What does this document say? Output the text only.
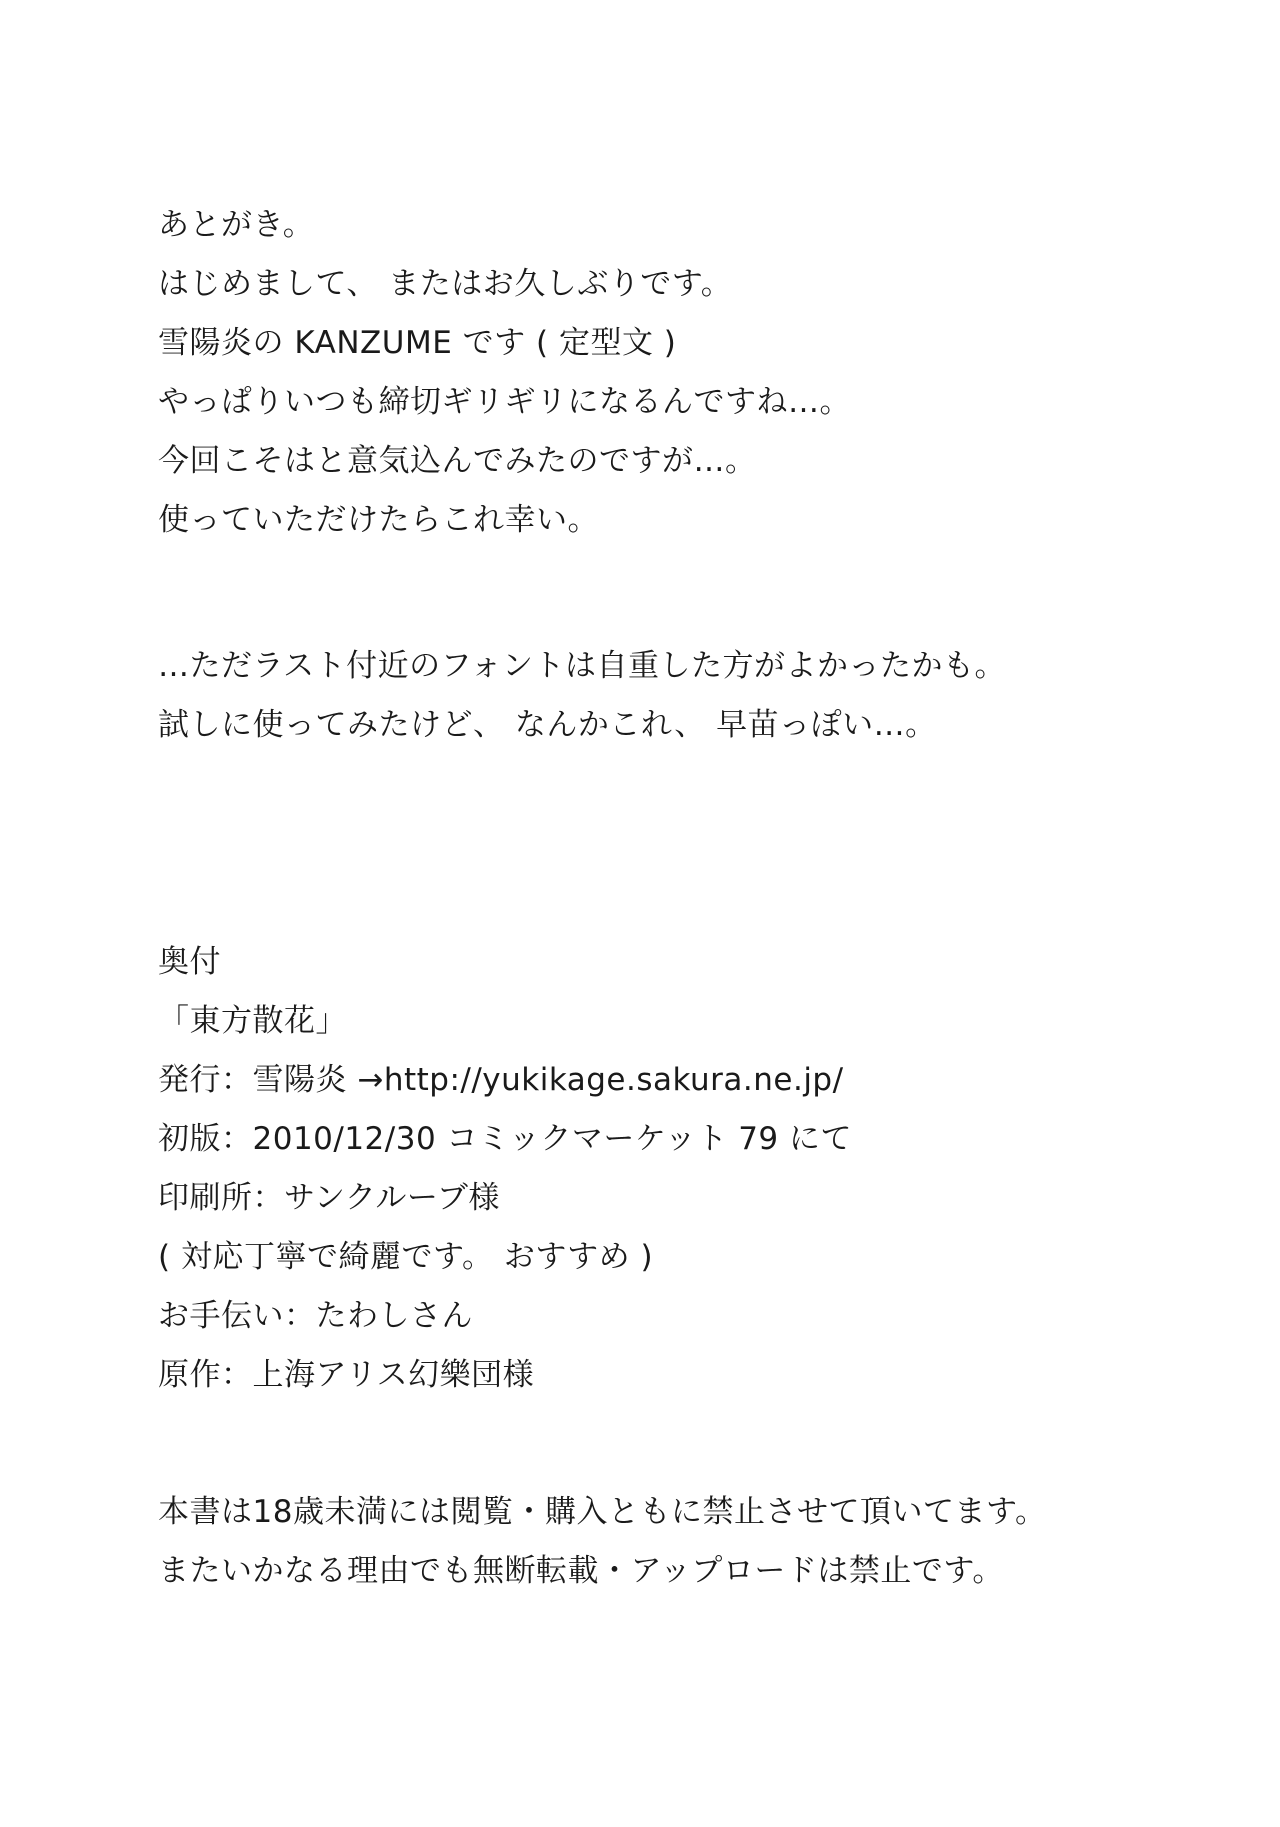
あとがき。
はじめまして、 またはお久しぶりです。
雪陽炎の KANZUME です ( 定型文 )
やっぱりいつも締切ギリギリになるんですね…。
今回こそはと意気込んでみたのですが…。
使っていただけたらこれ幸い。
…ただラスト付近のフォントは自重した方がよかったかも。
試しに使ってみたけど、 なんかこれ、 早苗っぽい…。
奥付
「東方散花」
発行：雪陽炎 →http://yukikage.sakura.ne.jp/
初版：2010/12/30 コミックマーケット 79 にて
印刷所：サンクルーブ様
( 対応丁寧で綺麗です。 おすすめ )
お手伝い：たわしさん
原作：上海アリス幻樂団様
本書は18歳未満には閲覧・購入ともに禁止させて頂いてます。
またいかなる理由でも無断転載・アップロードは禁止です。
